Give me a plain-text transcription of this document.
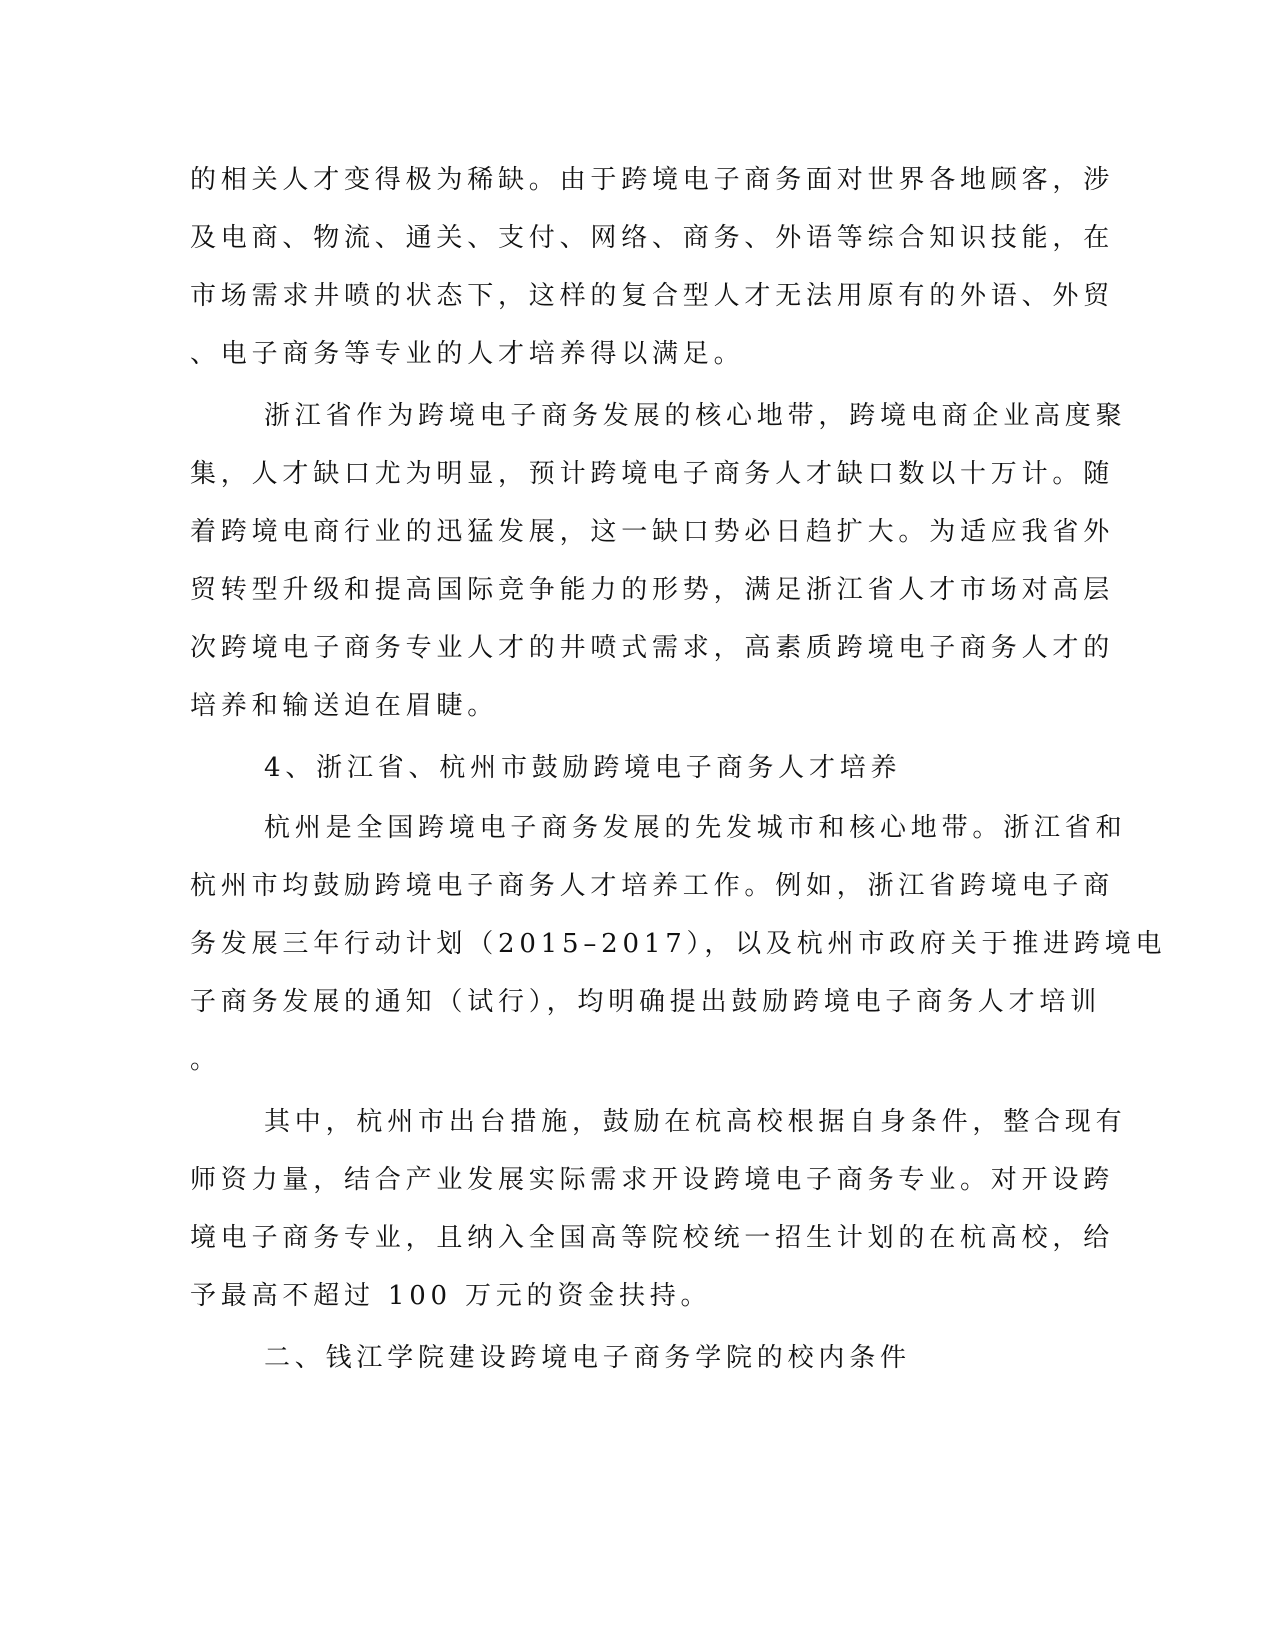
的相关人才变得极为稀缺。由于跨境电子商务面对世界各地顾客，涉
及电商、物流、通关、支付、网络、商务、外语等综合知识技能，在
市场需求井喷的状态下，这样的复合型人才无法用原有的外语、外贸
、电子商务等专业的人才培养得以满足。
浙江省作为跨境电子商务发展的核心地带，跨境电商企业高度聚
集，人才缺口尤为明显，预计跨境电子商务人才缺口数以十万计。随
着跨境电商行业的迅猛发展，这一缺口势必日趋扩大。为适应我省外
贸转型升级和提高国际竞争能力的形势，满足浙江省人才市场对高层
次跨境电子商务专业人才的井喷式需求，高素质跨境电子商务人才的
培养和输送迫在眉睫。
4、浙江省、杭州市鼓励跨境电子商务人才培养
杭州是全国跨境电子商务发展的先发城市和核心地带。浙江省和
杭州市均鼓励跨境电子商务人才培养工作。例如，浙江省跨境电子商
务发展三年行动计划（2015–2017），以及杭州市政府关于推进跨境电
子商务发展的通知（试行），均明确提出鼓励跨境电子商务人才培训
。
其中，杭州市出台措施，鼓励在杭高校根据自身条件，整合现有
师资力量，结合产业发展实际需求开设跨境电子商务专业。对开设跨
境电子商务专业，且纳入全国高等院校统一招生计划的在杭高校，给
予最高不超过 100 万元的资金扶持。
二、钱江学院建设跨境电子商务学院的校内条件
